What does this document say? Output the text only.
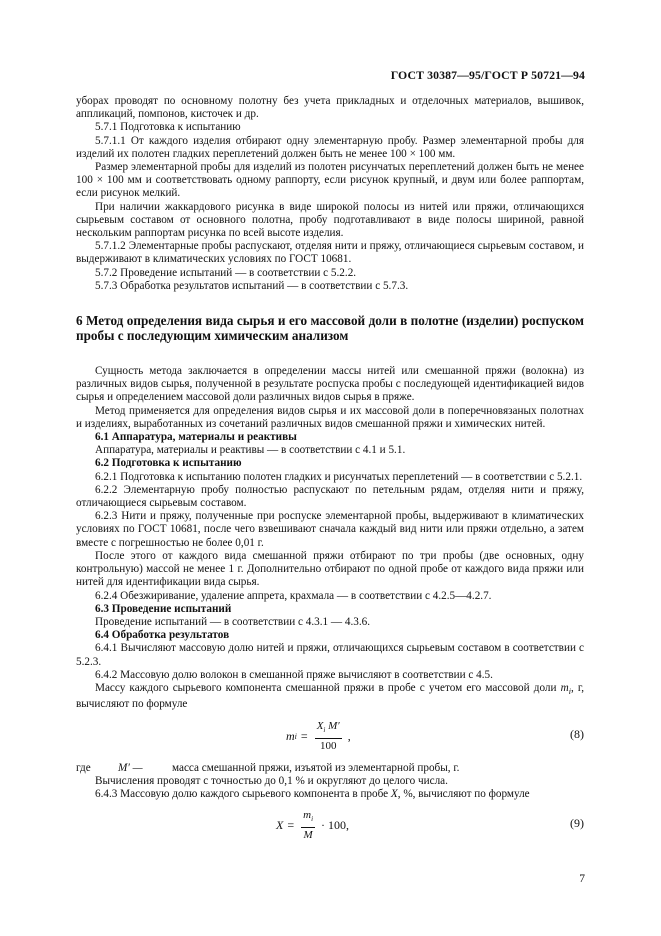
ГОСТ 30387—95/ГОСТ Р 50721—94

уборах проводят по основному полотну без учета прикладных и отделочных материалов, вышивок, аппликаций, помпонов, кисточек и др.

5.7.1 Подготовка к испытанию

5.7.1.1 От каждого изделия отбирают одну элементарную пробу. Размер элементарной пробы для изделий их полотен гладких переплетений должен быть не менее 100 × 100 мм.

Размер элементарной пробы для изделий из полотен рисунчатых переплетений должен быть не менее 100 × 100 мм и соответствовать одному раппорту, если рисунок крупный, и двум или более раппортам, если рисунок мелкий.

При наличии жаккардового рисунка в виде широкой полосы из нитей или пряжи, отличающихся сырьевым составом от основного полотна, пробу подготавливают в виде полосы шириной, равной нескольким раппортам рисунка по всей высоте изделия.

5.7.1.2 Элементарные пробы распускают, отделяя нити и пряжу, отличающиеся сырьевым составом, и выдерживают в климатических условиях по ГОСТ 10681.

5.7.2 Проведение испытаний — в соответствии с 5.2.2.

5.7.3 Обработка результатов испытаний — в соответствии с 5.7.3.

6 Метод определения вида сырья и его массовой доли в полотне (изделии) роспуском пробы с последующим химическим анализом

Сущность метода заключается в определении массы нитей или смешанной пряжи (волокна) из различных видов сырья, полученной в результате роспуска пробы с последующей идентификацией видов сырья и определением массовой доли различных видов сырья в пряже.

Метод применяется для определения видов сырья и их массовой доли в поперечновязаных полотнах и изделиях, выработанных из сочетаний различных видов смешанной пряжи и химических нитей.

6.1 Аппаратура, материалы и реактивы

Аппаратура, материалы и реактивы — в соответствии с 4.1 и 5.1.

6.2 Подготовка к испытанию

6.2.1 Подготовка к испытанию полотен гладких и рисунчатых переплетений — в соответствии с 5.2.1.

6.2.2 Элементарную пробу полностью распускают по петельным рядам, отделяя нити и пряжу, отличающиеся сырьевым составом.

6.2.3 Нити и пряжу, полученные при роспуске элементарной пробы, выдерживают в климатических условиях по ГОСТ 10681, после чего взвешивают сначала каждый вид нити или пряжи отдельно, а затем вместе с погрешностью не более 0,01 г.

После этого от каждого вида смешанной пряжи отбирают по три пробы (две основных, одну контрольную) массой не менее 1 г. Дополнительно отбирают по одной пробе от каждого вида пряжи или нитей для идентификации вида сырья.

6.2.4 Обезжиривание, удаление аппрета, крахмала — в соответствии с 4.2.5—4.2.7.

6.3 Проведение испытаний

Проведение испытаний — в соответствии с 4.3.1 — 4.3.6.

6.4 Обработка результатов

6.4.1 Вычисляют массовую долю нитей и пряжи, отличающихся сырьевым составом в соответствии с 5.2.3.

6.4.2 Массовую долю волокон в смешанной пряже вычисляют в соответствии с 4.5.

Массу каждого сырьевого компонента смешанной пряжи в пробе с учетом его массовой доли $m_i$, г, вычисляют по формуле

m $i = \frac{X_i M'}{100}$ ,	(8)
где	M′ —	масса смешанной пряжи, изъятой из элементарной пробы, г.

Вычисления проводят с точностью до 0,1 % и округляют до целого числа.

6.4.3 Массовую долю каждого сырьевого компонента в пробе X, %, вычисляют по формуле

$X = \frac{m_i}{M} \cdot 100$,	(9)
7
